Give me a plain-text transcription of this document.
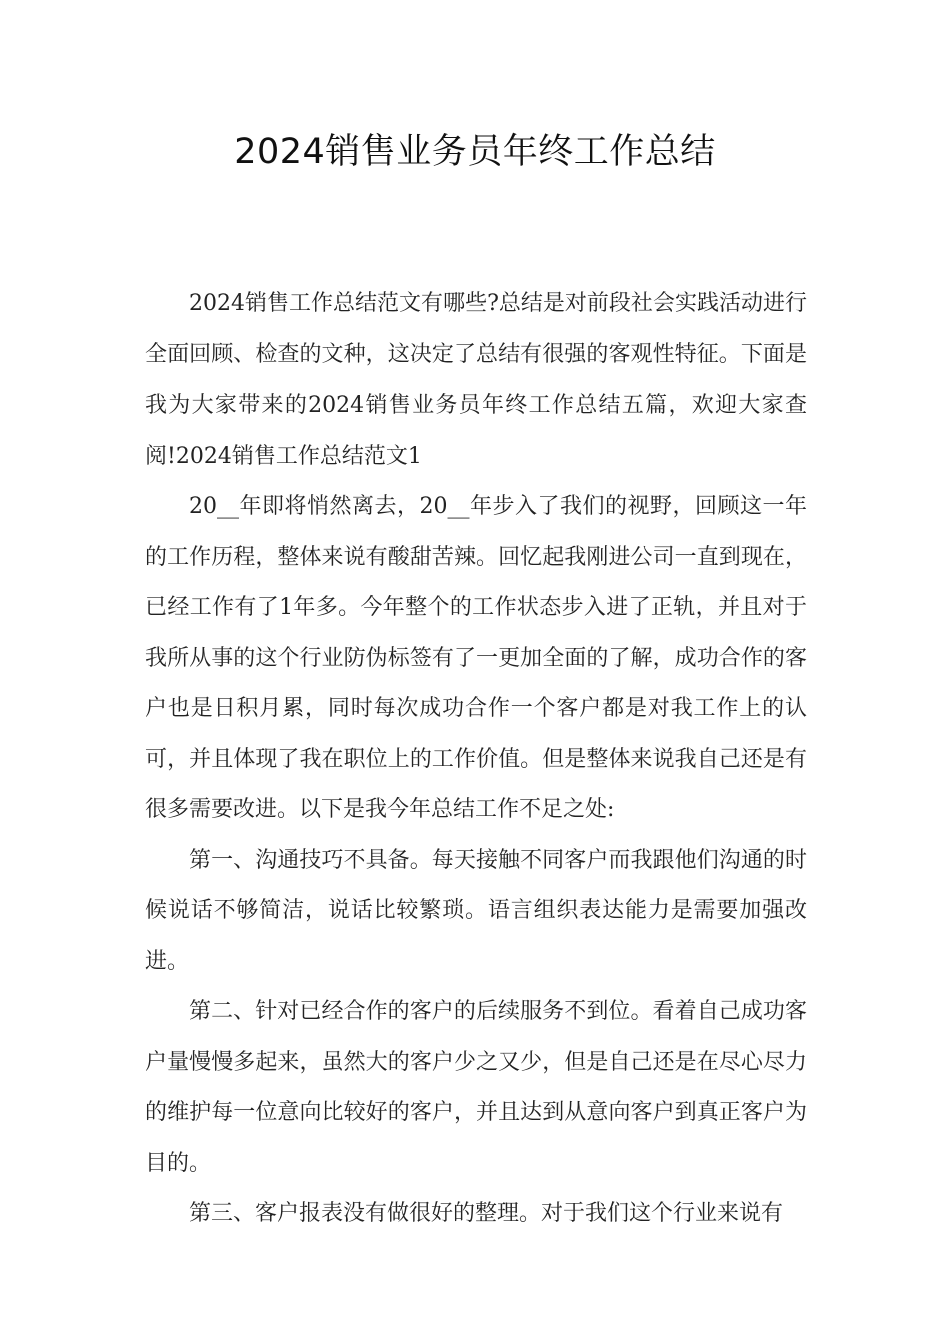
2024销售业务员年终工作总结

2024销售工作总结范文有哪些?总结是对前段社会实践活动进行全面回顾、检查的文种，这决定了总结有很强的客观性特征。下面是我为大家带来的2024销售业务员年终工作总结五篇，欢迎大家查阅!2024销售工作总结范文1

20__年即将悄然离去，20__年步入了我们的视野，回顾这一年的工作历程，整体来说有酸甜苦辣。回忆起我刚进公司一直到现在，已经工作有了1年多。今年整个的工作状态步入进了正轨，并且对于我所从事的这个行业防伪标签有了一更加全面的了解，成功合作的客户也是日积月累，同时每次成功合作一个客户都是对我工作上的认可，并且体现了我在职位上的工作价值。但是整体来说我自己还是有很多需要改进。以下是我今年总结工作不足之处:

第一、沟通技巧不具备。每天接触不同客户而我跟他们沟通的时候说话不够简洁，说话比较繁琐。语言组织表达能力是需要加强改进。

第二、针对已经合作的客户的后续服务不到位。看着自己成功客户量慢慢多起来，虽然大的客户少之又少，但是自己还是在尽心尽力的维护每一位意向比较好的客户，并且达到从意向客户到真正客户为目的。

第三、客户报表没有做很好的整理。对于我们这个行业来说有
